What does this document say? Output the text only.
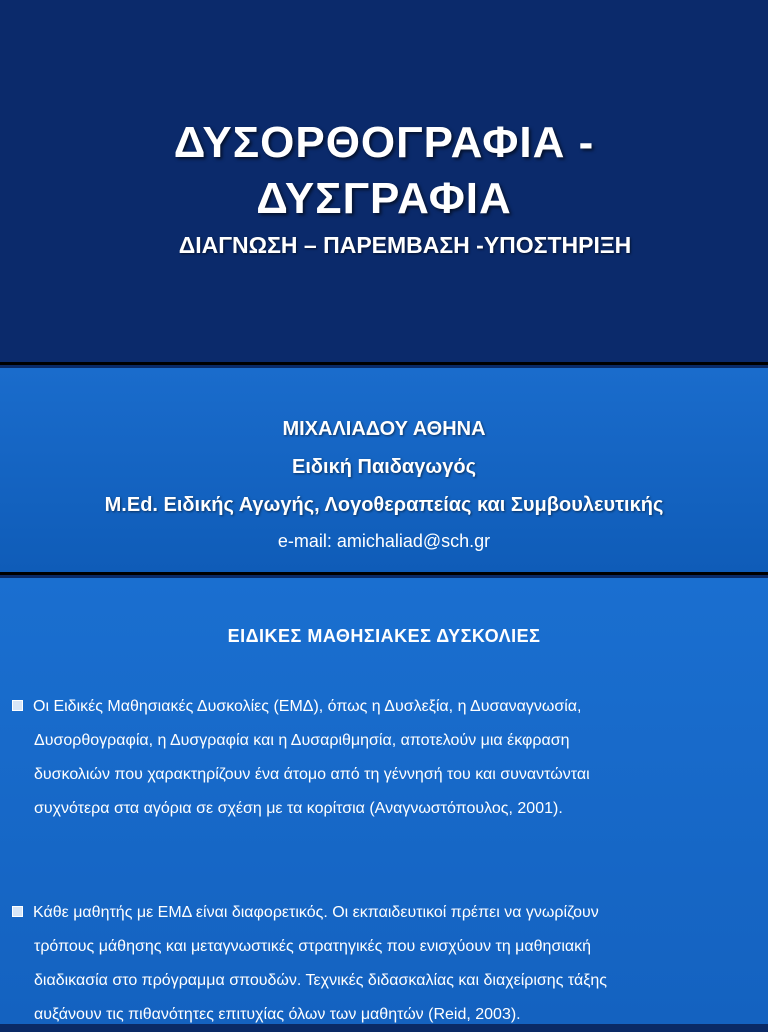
ΔΥΣΟΡΘΟΓΡΑΦΙΑ -
ΔΥΣΓΡΑΦΙΑ
ΔΙΑΓΝΩΣΗ – ΠΑΡΕΜΒΑΣΗ -ΥΠΟΣΤΗΡΙΞΗ
ΜΙΧΑΛΙΑΔΟΥ ΑΘΗΝΑ
Ειδική Παιδαγωγός
M.Ed. Ειδικής Αγωγής, Λογοθεραπείας και Συμβουλευτικής
e-mail: amichaliad@sch.gr
ΕΙΔΙΚΕΣ ΜΑΘΗΣΙΑΚΕΣ ΔΥΣΚΟΛΙΕΣ
Οι Ειδικές Μαθησιακές Δυσκολίες (ΕΜΔ), όπως η Δυσλεξία, η Δυσαναγνωσία,
Δυσορθογραφία, η Δυσγραφία και η Δυσαριθμησία, αποτελούν μια έκφραση
δυσκολιών που χαρακτηρίζουν ένα άτομο από τη γέννησή του και συναντώνται
συχνότερα στα αγόρια σε σχέση με τα κορίτσια (Αναγνωστόπουλος, 2001).
Κάθε μαθητής με ΕΜΔ είναι διαφορετικός. Οι εκπαιδευτικοί πρέπει να γνωρίζουν
τρόπους μάθησης και μεταγνωστικές στρατηγικές που ενισχύουν τη μαθησιακή
διαδικασία στο πρόγραμμα σπουδών. Τεχνικές διδασκαλίας και διαχείρισης τάξης
αυξάνουν τις πιθανότητες επιτυχίας όλων των μαθητών (Reid, 2003).
